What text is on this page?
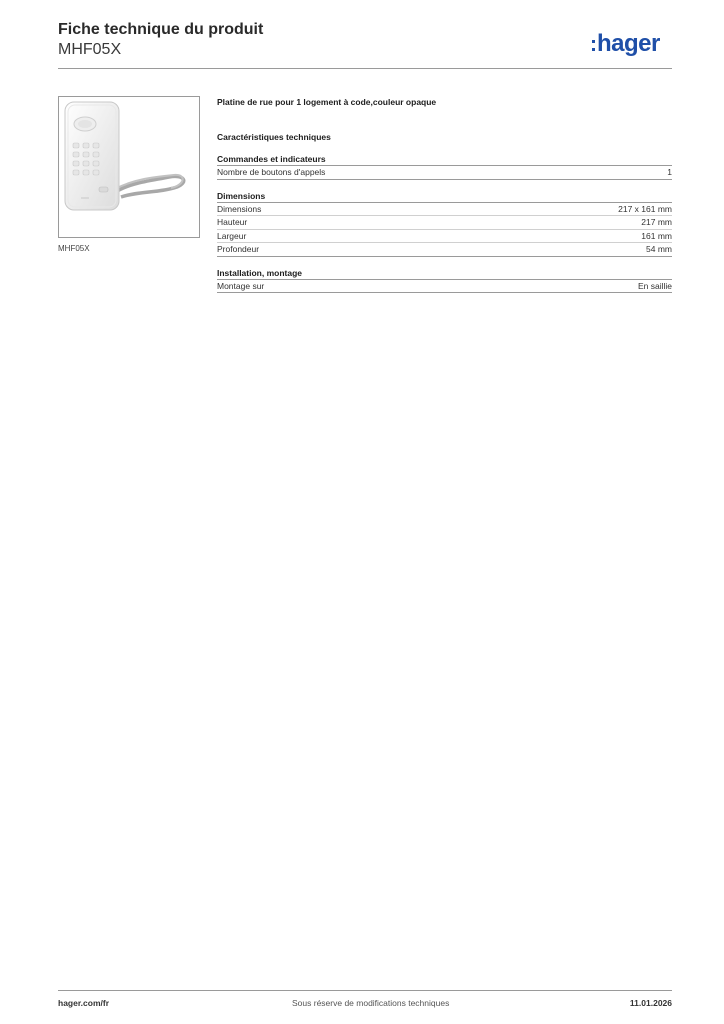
Fiche technique du produit
MHF05X	hager
MHF05X
Platine de rue pour 1 logement à code,couleur opaque
Caractéristiques techniques
Commandes et indicateurs
Nombre de boutons d'appels	1
Dimensions
Dimensions	217 x 161 mm
Hauteur	217 mm
Largeur	161 mm
Profondeur	54 mm
Installation, montage
Montage sur	En saillie
hager.com/fr	Sous réserve de modifications techniques	11.01.2026
